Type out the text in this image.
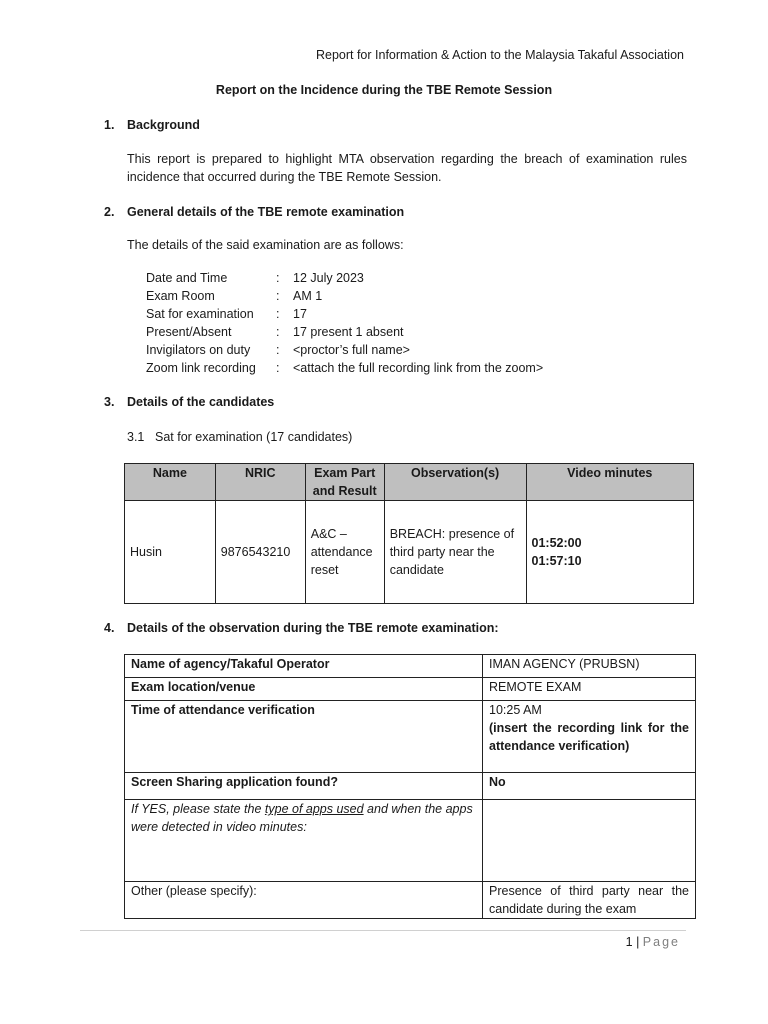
Report for Information & Action to the Malaysia Takaful Association
Report on the Incidence during the TBE Remote Session
1. Background
This report is prepared to highlight MTA observation regarding the breach of examination rules incidence that occurred during the TBE Remote Session.
2. General details of the TBE remote examination
The details of the said examination are as follows:
Date and Time	:	12 July 2023
Exam Room	:	AM 1
Sat for examination	:	17
Present/Absent	:	17 present 1 absent
Invigilators on duty	:	<proctor’s full name>
Zoom link recording	:	<attach the full recording link from the zoom>
3. Details of the candidates
3.1 Sat for examination (17 candidates)
Name	NRIC	Exam Part and Result	Observation(s)	Video minutes
Husin	9876543210	A&C – attendance reset	BREACH: presence of third party near the candidate	01:52:00
01:57:10
4. Details of the observation during the TBE remote examination:
Name of agency/Takaful Operator	IMAN AGENCY (PRUBSN)
Exam location/venue	REMOTE EXAM
Time of attendance verification	10:25 AM
(insert the recording link for the attendance verification)

Screen Sharing application found?	No
If YES, please state the type of apps used and when the apps were detected in video minutes:	
Other (please specify):	Presence of third party near the candidate during the exam
1 | Page
